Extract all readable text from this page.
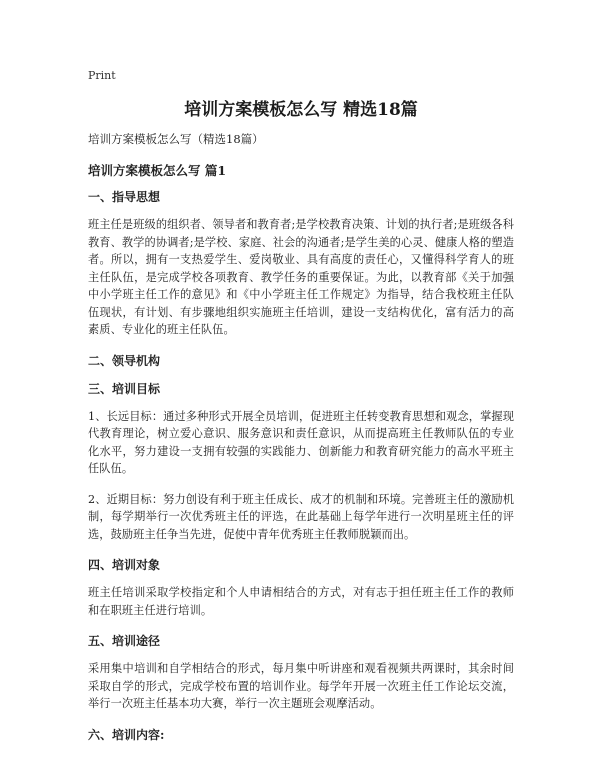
Print
培训方案模板怎么写 精选18篇
培训方案模板怎么写（精选18篇）
培训方案模板怎么写 篇1
一、指导思想
班主任是班级的组织者、领导者和教育者;是学校教育决策、计划的执行者;是班级各科教育、教学的协调者;是学校、家庭、社会的沟通者;是学生美的心灵、健康人格的塑造者。所以，拥有一支热爱学生、爱岗敬业、具有高度的责任心，又懂得科学育人的班主任队伍，是完成学校各项教育、教学任务的重要保证。为此，以教育部《关于加强中小学班主任工作的意见》和《中小学班主任工作规定》为指导，结合我校班主任队伍现状，有计划、有步骤地组织实施班主任培训，建设一支结构优化，富有活力的高素质、专业化的班主任队伍。
二、领导机构
三、培训目标
1、长远目标：通过多种形式开展全员培训，促进班主任转变教育思想和观念，掌握现代教育理论，树立爱心意识、服务意识和责任意识，从而提高班主任教师队伍的专业化水平，努力建设一支拥有较强的实践能力、创新能力和教育研究能力的高水平班主任队伍。
2、近期目标：努力创设有利于班主任成长、成才的机制和环境。完善班主任的激励机制，每学期举行一次优秀班主任的评选，在此基础上每学年进行一次明星班主任的评选，鼓励班主任争当先进，促使中青年优秀班主任教师脱颖而出。
四、培训对象
班主任培训采取学校指定和个人申请相结合的方式，对有志于担任班主任工作的教师和在职班主任进行培训。
五、培训途径
采用集中培训和自学相结合的形式，每月集中听讲座和观看视频共两课时，其余时间采取自学的形式，完成学校布置的培训作业。每学年开展一次班主任工作论坛交流，举行一次班主任基本功大赛，举行一次主题班会观摩活动。
六、培训内容:
